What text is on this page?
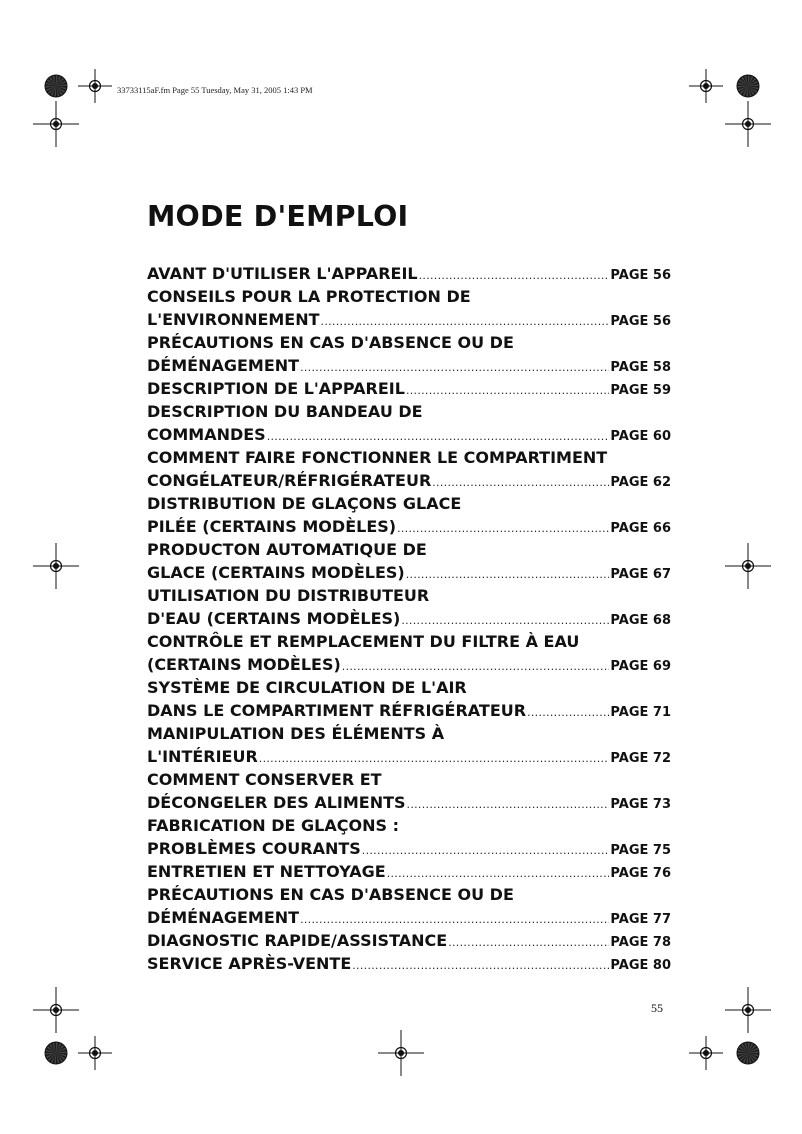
33733115aF.fm Page 55 Tuesday, May 31, 2005 1:43 PM
MODE D'EMPLOI
AVANT D'UTILISER L'APPAREIL .....	PAGE 56
CONSEILS POUR LA PROTECTION DE
L'ENVIRONNEMENT .....	PAGE 56
PRÉCAUTIONS EN CAS D'ABSENCE OU DE
DÉMÉNAGEMENT .....	PAGE 58
DESCRIPTION DE L'APPAREIL .....	PAGE 59
DESCRIPTION DU BANDEAU DE
COMMANDES .....	PAGE 60
COMMENT FAIRE FONCTIONNER LE COMPARTIMENT
CONGÉLATEUR/RÉFRIGÉRATEUR .....	PAGE 62
DISTRIBUTION DE GLAÇONS GLACE
PILÉE (CERTAINS MODÈLES) .....	PAGE 66
PRODUCTON AUTOMATIQUE DE
GLACE (CERTAINS MODÈLES) .....	PAGE 67
UTILISATION DU DISTRIBUTEUR
D'EAU (CERTAINS MODÈLES) .....	PAGE 68
CONTRÔLE ET REMPLACEMENT DU FILTRE À EAU
(CERTAINS MODÈLES) .....	PAGE 69
SYSTÈME DE CIRCULATION DE L'AIR
DANS LE COMPARTIMENT RÉFRIGÉRATEUR .....	PAGE 71
MANIPULATION DES ÉLÉMENTS À
L'INTÉRIEUR .....	PAGE 72
COMMENT CONSERVER ET
DÉCONGELER DES ALIMENTS .....	PAGE 73
FABRICATION DE GLAÇONS :
PROBLÈMES COURANTS .....	PAGE 75
ENTRETIEN ET NETTOYAGE .....	PAGE 76
PRÉCAUTIONS EN CAS D'ABSENCE OU DE
DÉMÉNAGEMENT .....	PAGE 77
DIAGNOSTIC RAPIDE/ASSISTANCE .....	PAGE 78
SERVICE APRÈS-VENTE .....	PAGE 80
55
